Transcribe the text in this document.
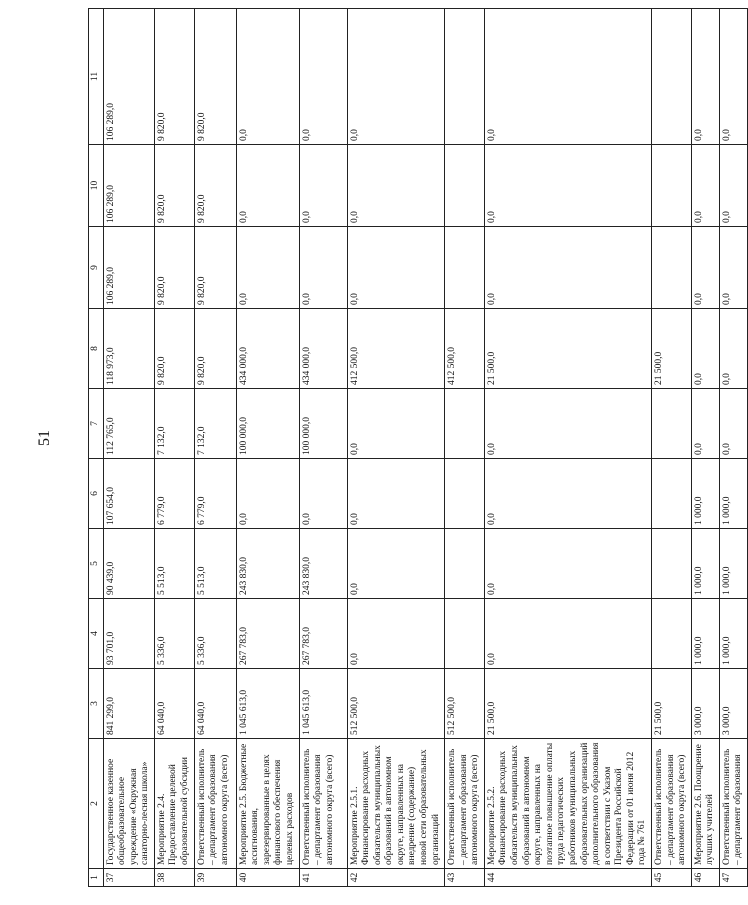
51
1	2	3	4	5	6	7	8	9	10	11
37	Государственное казенное общеобразовательное учреждение «Окружная санаторно-лесная школа»	841 299,0	93 701,0	90 439,0	107 654,0	112 765,0	118 973,0	106 289,0	106 289,0	106 289,0
38	Мероприятие 2.4. Предоставление целевой образовательной субсидии	64 040,0	5 336,0	5 513,0	6 779,0	7 132,0	9 820,0	9 820,0	9 820,0	9 820,0
39	Ответственный исполнитель – департамент образования автономного округа (всего)	64 040,0	5 336,0	5 513,0	6 779,0	7 132,0	9 820,0	9 820,0	9 820,0	9 820,0
40	Мероприятие 2.5. Бюджетные ассигнования, зарезервированные в целях финансового обеспечения целевых расходов	1 045 613,0	267 783,0	243 830,0	0,0	100 000,0	434 000,0	0,0	0,0	0,0
41	Ответственный исполнитель – департамент образования автономного округа (всего)	1 045 613,0	267 783,0	243 830,0	0,0	100 000,0	434 000,0	0,0	0,0	0,0
42	Мероприятие 2.5.1. Финансирование расходных обязательств муниципальных образований в автономном округе, направленных на внедрение (содержание) новой сети образовательных организаций	512 500,0	0,0	0,0	0,0	0,0	412 500,0	0,0	0,0	0,0
43	Ответственный исполнитель – департамент образования автономного округа (всего)	512 500,0					412 500,0			
44	Мероприятие 2.5.2. Финансирование расходных обязательств муниципальных образований в автономном округе, направленных на поэтапное повышение оплаты труда педагогических работников муниципальных образовательных организаций дополнительного образования в соответствии с Указом Президента Российской Федерации от 01 июня 2012 года № 761	21 500,0	0,0	0,0	0,0	0,0	21 500,0	0,0	0,0	0,0
45	Ответственный исполнитель – департамент образования автономного округа (всего)	21 500,0					21 500,0			
46	Мероприятие 2.6. Поощрение лучших учителей	3 000,0	1 000,0	1 000,0	1 000,0	0,0	0,0	0,0	0,0	0,0
47	Ответственный исполнитель – департамент образования	3 000,0	1 000,0	1 000,0	1 000,0	0,0	0,0	0,0	0,0	0,0
